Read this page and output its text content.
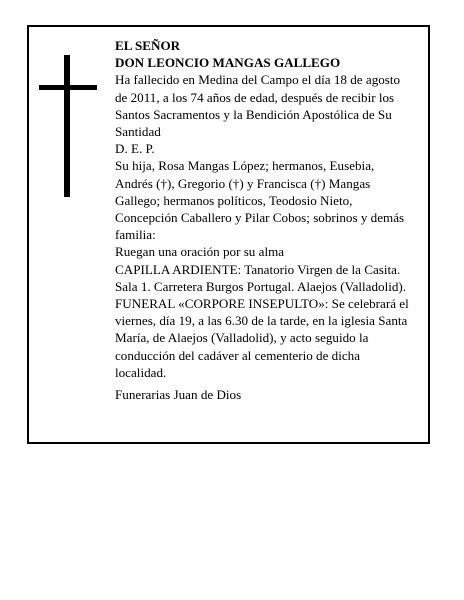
EL SEÑOR
DON LEONCIO MANGAS GALLEGO
Ha fallecido en Medina del Campo el día 18 de agosto
de 2011, a los 74 años de edad, después de recibir los
Santos Sacramentos y la Bendición Apostólica de Su
Santidad
D. E. P.
Su hija, Rosa Mangas López; hermanos, Eusebia,
Andrés (†), Gregorio (†) y Francisca (†) Mangas
Gallego; hermanos políticos, Teodosio Nieto,
Concepción Caballero y Pilar Cobos; sobrinos y demás
familia:
Ruegan una oración por su alma
CAPILLA ARDIENTE: Tanatorio Virgen de la Casita.
Sala 1. Carretera Burgos Portugal. Alaejos (Valladolid).
FUNERAL «CORPORE INSEPULTO»: Se celebrará el
viernes, día 19, a las 6.30 de la tarde, en la iglesia Santa
María, de Alaejos (Valladolid), y acto seguido la
conducción del cadáver al cementerio de dicha
localidad.
Funerarias Juan de Dios
